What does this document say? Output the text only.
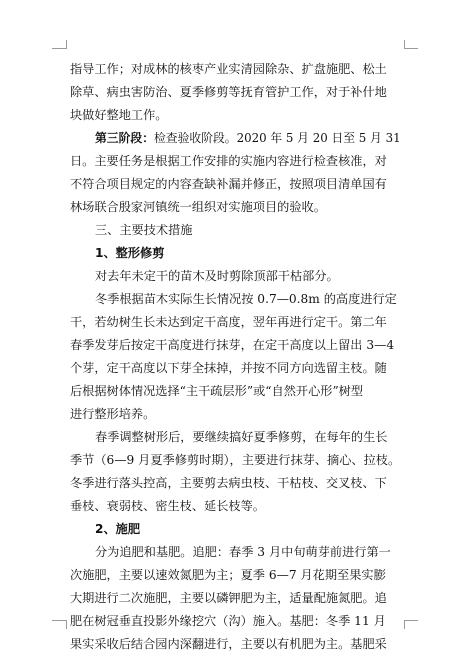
指导工作；对成林的核枣产业实清园除杂、扩盘施肥、松土
除草、病虫害防治、夏季修剪等抚育管护工作，对于补什地
块做好整地工作。
第三阶段： 检查验收阶段。2020 年 5 月 20 日至 5 月 31
日。主要任务是根据工作安排的实施内容进行检查核准，对
不符合项目规定的内容查缺补漏并修正，按照项目清单国有
林场联合殷家河镇统一组织对实施项目的验收。
三、主要技术措施
1、整形修剪
对去年未定干的苗木及时剪除顶部干枯部分。
冬季根据苗木实际生长情况按 0.7—0.8m 的高度进行定
干，若幼树生长未达到定干高度，翌年再进行定干。第二年
春季发芽后按定干高度进行抹芽，在定干高度以上留出 3—4
个芽，定干高度以下芽全抹掉，并按不同方向选留主枝。随
后根据树体情况选择“主干疏层形”或“自然开心形”树型
进行整形培养。
春季调整树形后，要继续搞好夏季修剪，在每年的生长
季节（6—9 月夏季修剪时期），主要进行抹芽、摘心、拉枝。
冬季进行落头控高，主要剪去病虫枝、干枯枝、交叉枝、下
垂枝、衰弱枝、密生枝、延长枝等。
2、施肥
分为追肥和基肥。追肥：春季 3 月中旬萌芽前进行第一
次施肥，主要以速效氮肥为主；夏季 6—7 月花期至果实膨
大期进行二次施肥，主要以磷钾肥为主，适量配施氮肥。追
肥在树冠垂直投影外缘挖穴（沟）施入。基肥：冬季 11 月
果实采收后结合园内深翻进行，主要以有机肥为主。基肥采
